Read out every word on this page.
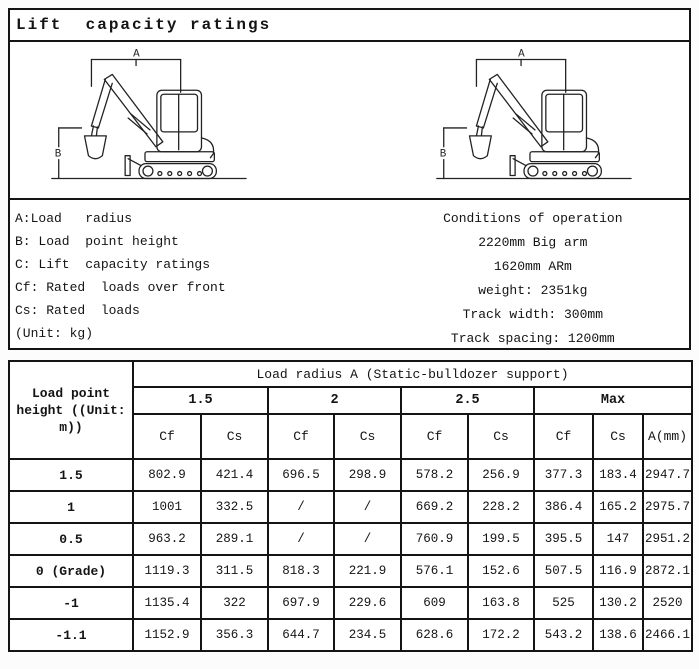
Lift  capacity ratings
A
B
A
B
A:Load   radius
B: Load  point height
C: Lift  capacity ratings
Cf: Rated  loads over front
Cs: Rated  loads
(Unit: kg)
Conditions of operation
2220mm Big arm
1620mm ARm
weight: 2351kg
Track width: 300mm
Track spacing: 1200mm
Load point height ((Unit: m))	Load radius A (Static-bulldozer support)								
	1.5		2		2.5		Max		
	Cf	Cs	Cf	Cs	Cf	Cs	Cf	Cs	A(mm)
1.5	802.9	421.4	696.5	298.9	578.2	256.9	377.3	183.4	2947.7
1	1001	332.5	/	/	669.2	228.2	386.4	165.2	2975.7
0.5	963.2	289.1	/	/	760.9	199.5	395.5	147	2951.2
0 (Grade)	1119.3	311.5	818.3	221.9	576.1	152.6	507.5	116.9	2872.1
-1	1135.4	322	697.9	229.6	609	163.8	525	130.2	2520
-1.1	1152.9	356.3	644.7	234.5	628.6	172.2	543.2	138.6	2466.1
